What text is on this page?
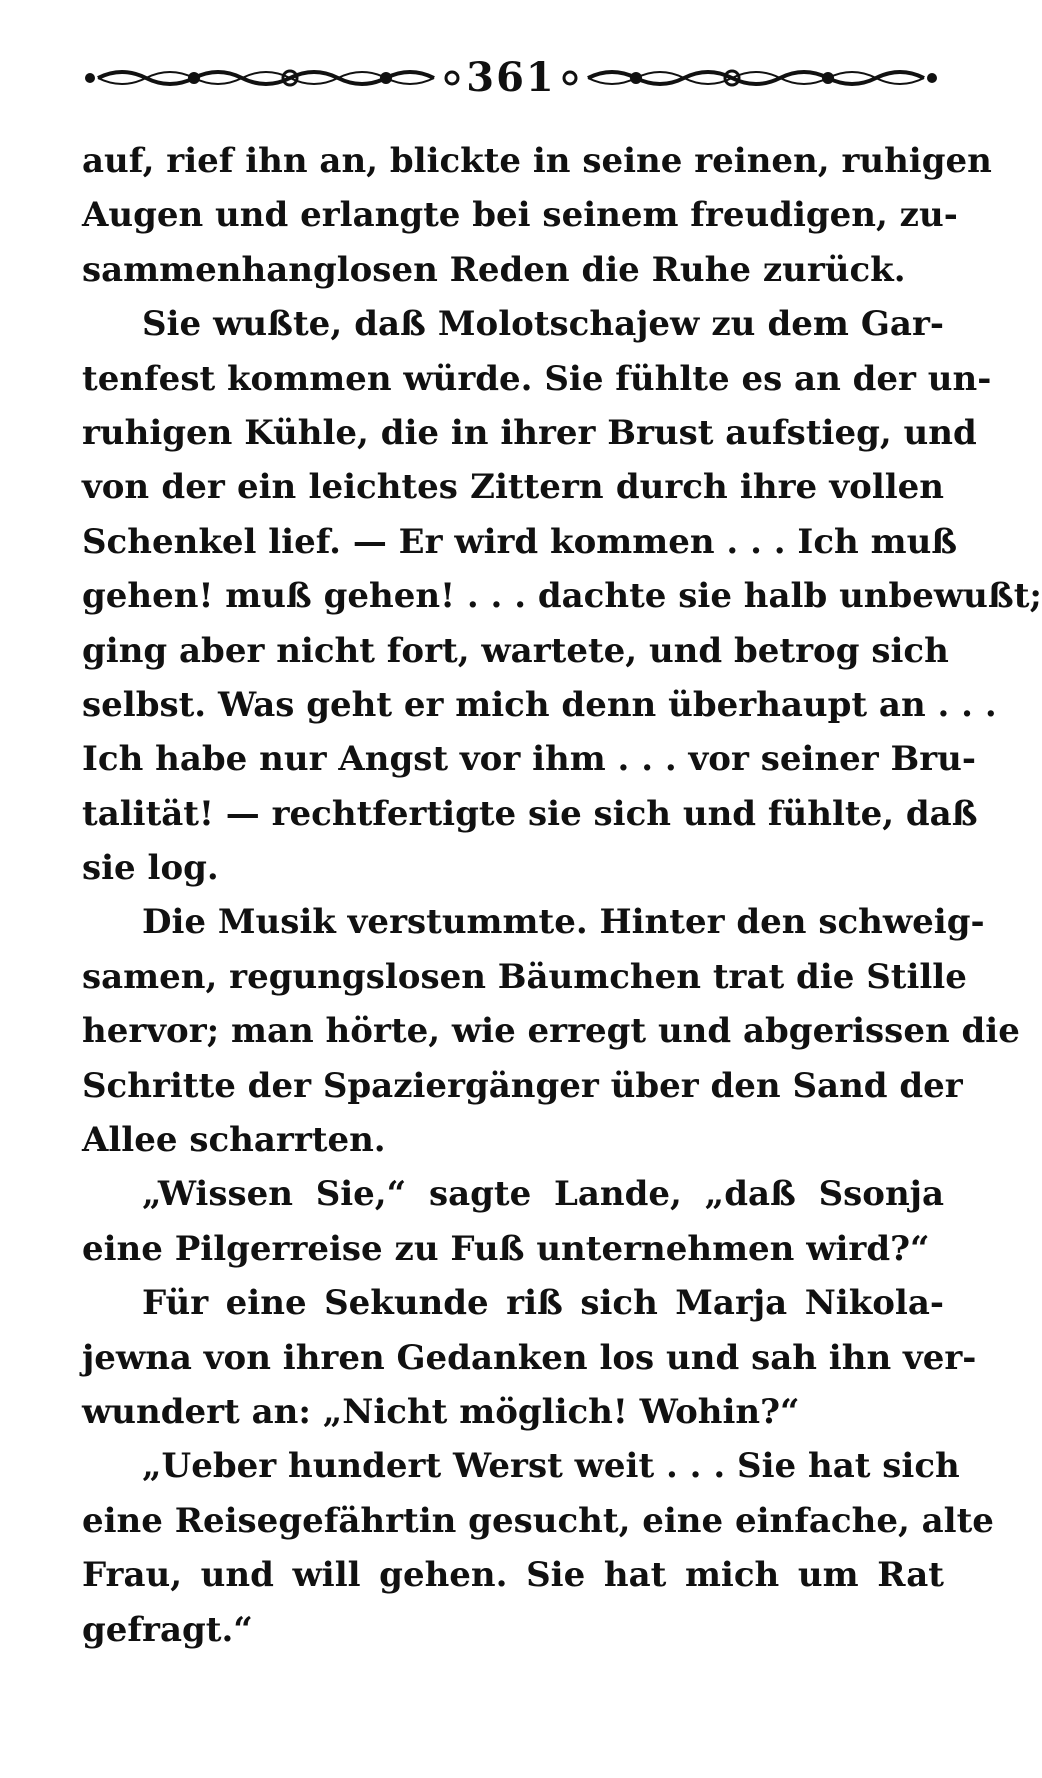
361
auf, rief ihn an, blickte in seine reinen, ruhigen
Augen und erlangte bei seinem freudigen, zu-
sammenhanglosen Reden die Ruhe zurück.
Sie wußte, daß Molotschajew zu dem Gar-
tenfest kommen würde. Sie fühlte es an der un-
ruhigen Kühle, die in ihrer Brust aufstieg, und
von der ein leichtes Zittern durch ihre vollen
Schenkel lief. — Er wird kommen . . . Ich muß
gehen! muß gehen! . . . dachte sie halb unbewußt;
ging aber nicht fort, wartete, und betrog sich
selbst. Was geht er mich denn überhaupt an . . .
Ich habe nur Angst vor ihm . . . vor seiner Bru-
talität! — rechtfertigte sie sich und fühlte, daß
sie log.
Die Musik verstummte. Hinter den schweig-
samen, regungslosen Bäumchen trat die Stille
hervor; man hörte, wie erregt und abgerissen die
Schritte der Spaziergänger über den Sand der
Allee scharrten.
„Wissen Sie,“ sagte Lande, „daß Ssonja
eine Pilgerreise zu Fuß unternehmen wird?“
Für eine Sekunde riß sich Marja Nikola-
jewna von ihren Gedanken los und sah ihn ver-
wundert an: „Nicht möglich! Wohin?“
„Ueber hundert Werst weit . . . Sie hat sich
eine Reisegefährtin gesucht, eine einfache, alte
Frau, und will gehen. Sie hat mich um Rat
gefragt.“
